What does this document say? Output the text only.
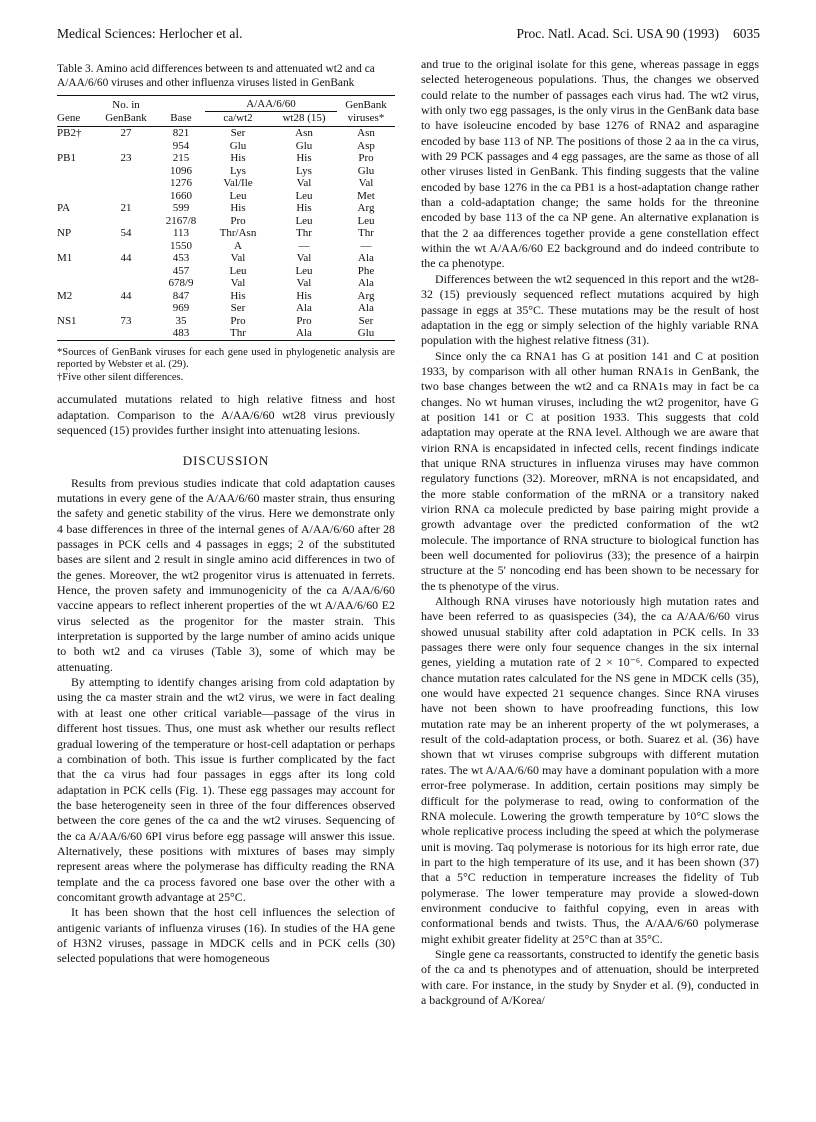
Medical Sciences: Herlocher et al.	Proc. Natl. Acad. Sci. USA 90 (1993) 6035
Table 3. Amino acid differences between ts and attenuated wt2 and ca A/AA/6/60 viruses and other influenza viruses listed in GenBank

	No. in		A/AA/6/60		GenBank
Gene	GenBank	Base	ca/wt2	wt28 (15)	viruses*

PB2†	27	821	Ser	Asn	Asn
		954	Glu	Glu	Asp
PB1	23	215	His	His	Pro
		1096	Lys	Lys	Glu
		1276	Val/Ile	Val	Val
		1660	Leu	Leu	Met
PA	21	599	His	His	Arg
		2167/8	Pro	Leu	Leu
NP	54	113	Thr/Asn	Thr	Thr
		1550	A	—	—
M1	44	453	Val	Val	Ala
		457	Leu	Leu	Phe
		678/9	Val	Val	Ala
M2	44	847	His	His	Arg
		969	Ser	Ala	Ala
NS1	73	35	Pro	Pro	Ser
		483	Thr	Ala	Glu

*Sources of GenBank viruses for each gene used in phylogenetic analysis are reported by Webster et al. (29).
†Five other silent differences.

accumulated mutations related to high relative fitness and host adaptation. Comparison to the A/AA/6/60 wt28 virus previously sequenced (15) provides further insight into attenuating lesions.

DISCUSSION

Results from previous studies indicate that cold adaptation causes mutations in every gene of the A/AA/6/60 master strain, thus ensuring the safety and genetic stability of the virus. Here we demonstrate only 4 base differences in three of the internal genes of A/AA/6/60 after 28 passages in PCK cells and 4 passages in eggs; 2 of the substituted bases are silent and 2 result in single amino acid differences in two of the genes. Moreover, the wt2 progenitor virus is attenuated in ferrets. Hence, the proven safety and immunogenicity of the ca A/AA/6/60 vaccine appears to reflect inherent properties of the wt A/AA/6/60 E2 virus selected as the progenitor for the master strain. This interpretation is supported by the large number of amino acids unique to both wt2 and ca viruses (Table 3), some of which may be attenuating.

By attempting to identify changes arising from cold adaptation by using the ca master strain and the wt2 virus, we were in fact dealing with at least one other critical variable—passage of the virus in different host tissues. Thus, one must ask whether our results reflect gradual lowering of the temperature or host-cell adaptation or perhaps a combination of both. This issue is further complicated by the fact that the ca virus had four passages in eggs after its long cold adaptation in PCK cells (Fig. 1). These egg passages may account for the base heterogeneity seen in three of the four differences observed between the core genes of the ca and the wt2 viruses. Sequencing of the ca A/AA/6/60 6PI virus before egg passage will answer this issue. Alternatively, these positions with mixtures of bases may simply represent areas where the polymerase has difficulty reading the RNA template and the ca process favored one base over the other with a concomitant growth advantage at 25°C.

It has been shown that the host cell influences the selection of antigenic variants of influenza viruses (16). In studies of the HA gene of H3N2 viruses, passage in MDCK cells and in PCK cells (30) selected populations that were homogeneous

and true to the original isolate for this gene, whereas passage in eggs selected heterogeneous populations. Thus, the changes we observed could relate to the number of passages each virus had. The wt2 virus, with only two egg passages, is the only virus in the GenBank data base to have isoleucine encoded by base 1276 of RNA2 and asparagine encoded by base 113 of NP. The positions of those 2 aa in the ca virus, with 29 PCK passages and 4 egg passages, are the same as those of all other viruses listed in GenBank. This finding suggests that the valine encoded by base 1276 in the ca PB1 is a host-adaptation change rather than a cold-adaptation change; the same holds for the threonine encoded by base 113 of the ca NP gene. An alternative explanation is that the 2 aa differences together provide a gene constellation effect within the wt A/AA/6/60 E2 background and do indeed contribute to the ca phenotype.

Differences between the wt2 sequenced in this report and the wt28-32 (15) previously sequenced reflect mutations acquired by high passage in eggs at 35°C. These mutations may be the result of host adaptation in the egg or simply selection of the highly variable RNA population with the highest relative fitness (31).

Since only the ca RNA1 has G at position 141 and C at position 1933, by comparison with all other human RNA1s in GenBank, the two base changes between the wt2 and ca RNA1s may in fact be ca changes. No wt human viruses, including the wt2 progenitor, have G at position 141 or C at position 1933. This suggests that cold adaptation may operate at the RNA level. Although we are aware that virion RNA is encapsidated in infected cells, recent findings indicate that unique RNA structures in influenza viruses may have common regulatory functions (32). Moreover, mRNA is not encapsidated, and the more stable conformation of the mRNA or a transitory naked virion RNA ca molecule predicted by base pairing might provide a growth advantage over the predicted conformation of the wt2 molecule. The importance of RNA structure to biological function has been well documented for poliovirus (33); the presence of a hairpin structure at the 5′ noncoding end has been shown to be necessary for the ts phenotype of the virus.

Although RNA viruses have notoriously high mutation rates and have been referred to as quasispecies (34), the ca A/AA/6/60 virus showed unusual stability after cold adaptation in PCK cells. In 33 passages there were only four sequence changes in the six internal genes, yielding a mutation rate of 2 × 10⁻⁶. Compared to expected chance mutation rates calculated for the NS gene in MDCK cells (35), one would have expected 21 sequence changes. Since RNA viruses have not been shown to have proofreading functions, this low mutation rate may be an inherent property of the wt polymerases, a result of the cold-adaptation process, or both. Suarez et al. (36) have shown that wt viruses comprise subgroups with different mutation rates. The wt A/AA/6/60 may have a dominant population with a more error-free polymerase. In addition, certain positions may simply be difficult for the polymerase to read, owing to conformation of the RNA molecule. Lowering the growth temperature by 10°C slows the whole replicative process including the speed at which the polymerase unit is moving. Taq polymerase is notorious for its high error rate, due in part to the high temperature of its use, and it has been shown (37) that a 5°C reduction in temperature increases the fidelity of Tub polymerase. The lower temperature may provide a slowed-down environment conducive to faithful copying, even in areas with conformational bends and twists. Thus, the A/AA/6/60 polymerase might exhibit greater fidelity at 25°C than at 35°C.

Single gene ca reassortants, constructed to identify the genetic basis of the ca and ts phenotypes and of attenuation, should be interpreted with care. For instance, in the study by Snyder et al. (9), conducted in a background of A/Korea/
